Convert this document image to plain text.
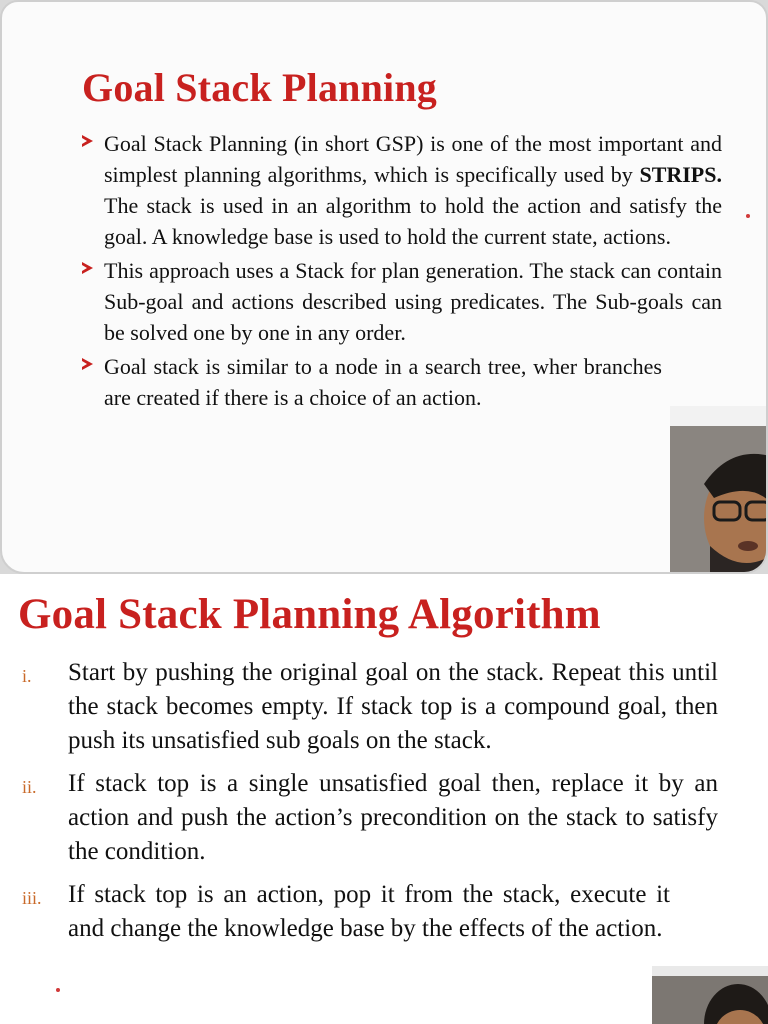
Goal Stack Planning
Goal Stack Planning (in short GSP) is one of the most important and simplest planning algorithms, which is specifically used by STRIPS. The stack is used in an algorithm to hold the action and satisfy the goal. A knowledge base is used to hold the current state, actions.
This approach uses a Stack for plan generation. The stack can contain Sub-goal and actions described using predicates. The Sub-goals can be solved one by one in any order.
Goal stack is similar to a node in a search tree, wher branches are created if there is a choice of an action.
Goal Stack Planning Algorithm
i. Start by pushing the original goal on the stack. Repeat this until the stack becomes empty. If stack top is a compound goal, then push its unsatisfied sub goals on the stack.
ii. If stack top is a single unsatisfied goal then, replace it by an action and push the action’s precondition on the stack to satisfy the condition.
iii. If stack top is an action, pop it from the stack, execute it and change the knowledge base by the effects of the action.
